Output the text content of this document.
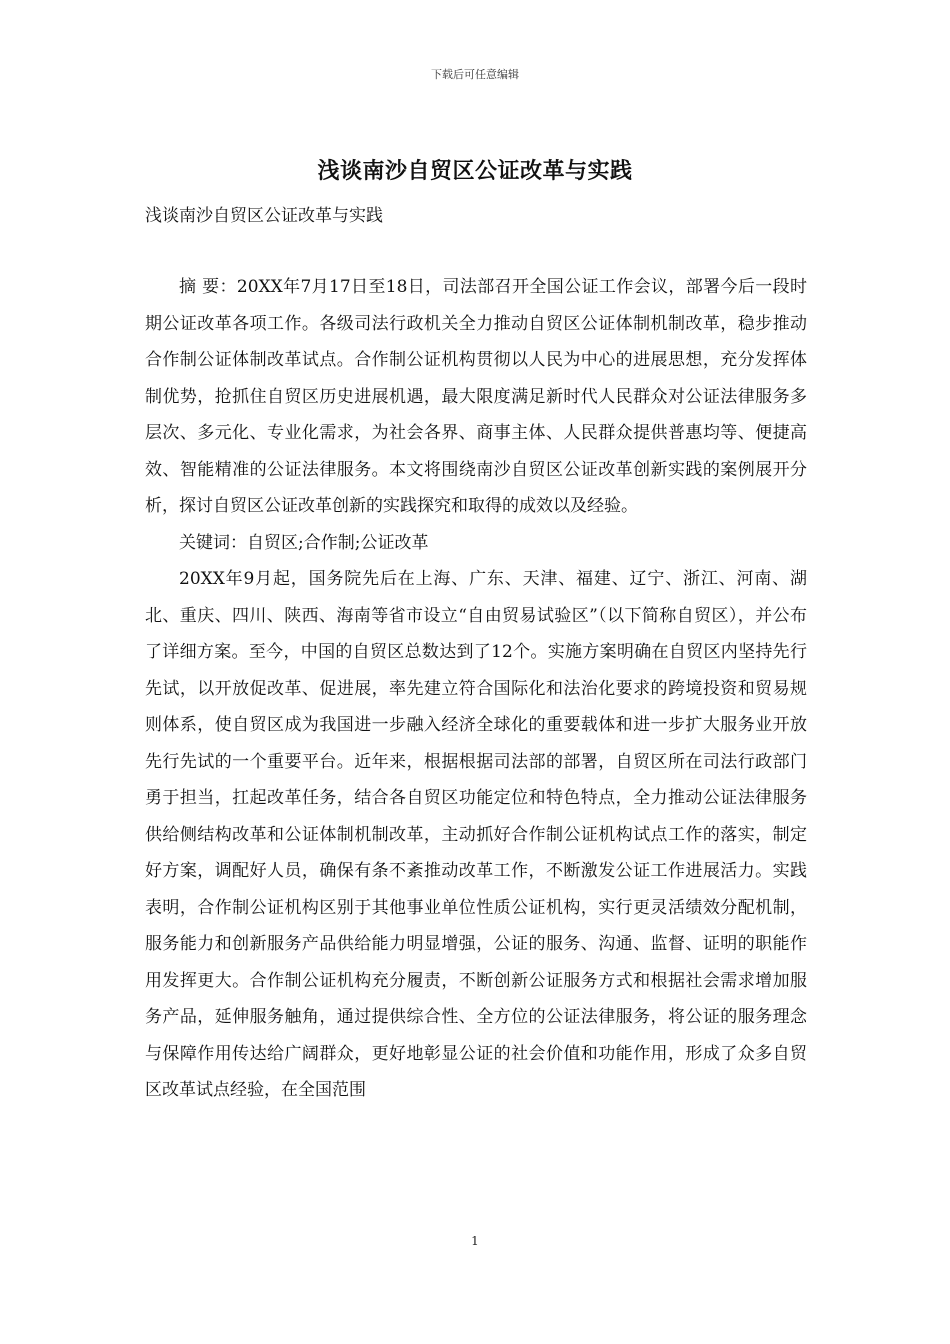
下载后可任意编辑
浅谈南沙自贸区公证改革与实践
浅谈南沙自贸区公证改革与实践

摘 要：20XX年7月17日至18日，司法部召开全国公证工作会议，部署今后一段时期公证改革各项工作。各级司法行政机关全力推动自贸区公证体制机制改革，稳步推动合作制公证体制改革试点。合作制公证机构贯彻以人民为中心的进展思想，充分发挥体制优势，抢抓住自贸区历史进展机遇，最大限度满足新时代人民群众对公证法律服务多层次、多元化、专业化需求，为社会各界、商事主体、人民群众提供普惠均等、便捷高效、智能精准的公证法律服务。本文将围绕南沙自贸区公证改革创新实践的案例展开分析，探讨自贸区公证改革创新的实践探究和取得的成效以及经验。

关键词：自贸区;合作制;公证改革

20XX年9月起，国务院先后在上海、广东、天津、福建、辽宁、浙江、河南、湖北、重庆、四川、陕西、海南等省市设立“自由贸易试验区”（以下简称自贸区），并公布了详细方案。至今，中国的自贸区总数达到了12个。实施方案明确在自贸区内坚持先行先试，以开放促改革、促进展，率先建立符合国际化和法治化要求的跨境投资和贸易规则体系，使自贸区成为我国进一步融入经济全球化的重要载体和进一步扩大服务业开放先行先试的一个重要平台。近年来，根据根据司法部的部署，自贸区所在司法行政部门勇于担当，扛起改革任务，结合各自贸区功能定位和特色特点，全力推动公证法律服务供给侧结构改革和公证体制机制改革，主动抓好合作制公证机构试点工作的落实，制定好方案，调配好人员，确保有条不紊推动改革工作，不断激发公证工作进展活力。实践表明，合作制公证机构区别于其他事业单位性质公证机构，实行更灵活绩效分配机制，服务能力和创新服务产品供给能力明显增强，公证的服务、沟通、监督、证明的职能作用发挥更大。合作制公证机构充分履责，不断创新公证服务方式和根据社会需求增加服务产品，延伸服务触角，通过提供综合性、全方位的公证法律服务，将公证的服务理念与保障作用传达给广阔群众，更好地彰显公证的社会价值和功能作用，形成了众多自贸区改革试点经验，在全国范围

1
